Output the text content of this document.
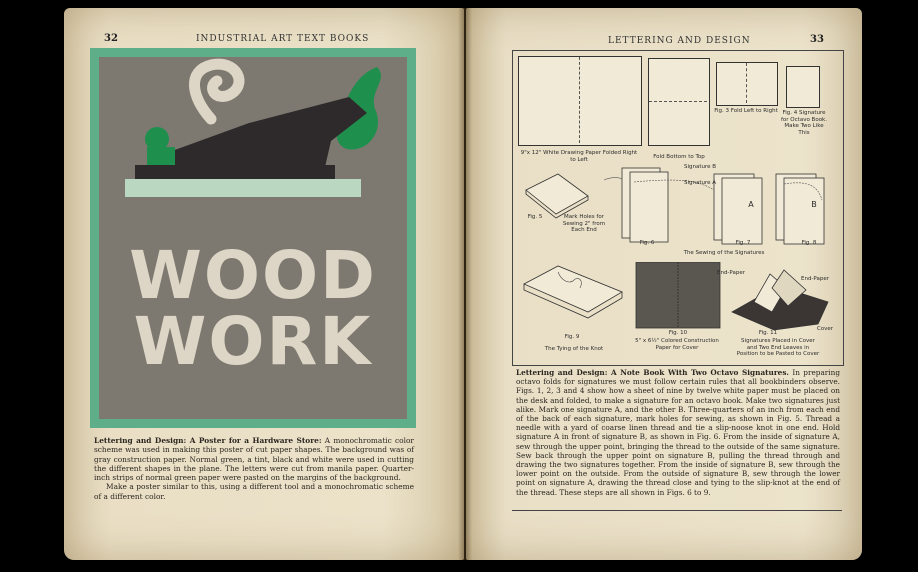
32	INDUSTRIAL ART TEXT BOOKS
WOOD
WORK
Lettering and Design: A Poster for a Hardware Store: A monochromatic color scheme was used in making this poster of cut paper shapes. The background was of gray construction paper. Normal green, a tint, black and white were used in cutting the different shapes in the plane. The letters were cut from manila paper. Quarter-inch strips of normal green paper were pasted on the margins of the background.
Make a poster similar to this, using a different tool and a monochromatic scheme of a different color.
LETTERING AND DESIGN	33
9"x 12" White Drawing Paper Folded Right to Left	Fold Bottom to Top
Fig. 3 Fold Left to Right Fig. 4 Signature for Octavo Book. Make Two Like This
Signature B
Signature A
A	B
Fig. 5	Mark Holes for Sewing 2" from Each End
Fig. 6	Fig. 7	Fig. 8
The Sewing of the Signatures
End-Paper
End-Paper
Cover
Fig. 9
The Tying of the Knot
Fig. 10
5" x 6½" Colored Construction Paper for Cover
Fig. 11
Signatures Placed in Cover and Two End Leaves in Position to be Pasted to Cover
Lettering and Design: A Note Book With Two Octavo Signatures. In preparing octavo folds for signatures we must follow certain rules that all bookbinders observe. Figs. 1, 2, 3 and 4 show how a sheet of nine by twelve white paper must be placed on the desk and folded, to make a signature for an octavo book. Make two signatures just alike. Mark one signature A, and the other B. Three-quarters of an inch from each end of the back of each signature, mark holes for sewing, as shown in Fig. 5. Thread a needle with a yard of coarse linen thread and tie a slip-noose knot in one end. Hold signature A in front of signature B, as shown in Fig. 6. From the inside of signature A, sew through the upper point, bringing the thread to the outside of the same signature. Sew back through the upper point on signature B, pulling the thread through and drawing the two signatures together. From the inside of signature B, sew through the lower point on the outside. From the outside of signature B, sew through the lower point on signature A, drawing the thread close and tying to the slip-knot at the end of the thread. These steps are all shown in Figs. 6 to 9.
